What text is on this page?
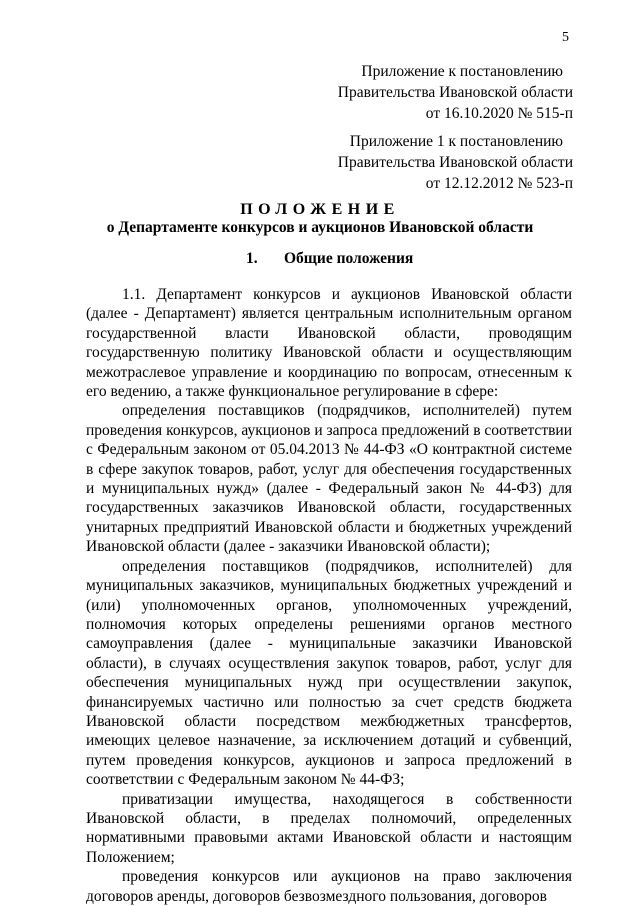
5
Приложение к постановлению
Правительства Ивановской области
от 16.10.2020 № 515-п
Приложение 1 к постановлению
Правительства Ивановской области
от 12.12.2012 № 523-п
ПОЛОЖЕНИЕ
о Департаменте конкурсов и аукционов Ивановской области
1. Общие положения

1.1. Департамент конкурсов и аукционов Ивановской области (далее - Департамент) является центральным исполнительным органом государственной власти Ивановской области, проводящим государственную политику Ивановской области и осуществляющим межотраслевое управление и координацию по вопросам, отнесенным к его ведению, а также функциональное регулирование в сфере:

определения поставщиков (подрядчиков, исполнителей) путем проведения конкурсов, аукционов и запроса предложений в соответствии с Федеральным законом от 05.04.2013 № 44-ФЗ «О контрактной системе в сфере закупок товаров, работ, услуг для обеспечения государственных и муниципальных нужд» (далее - Федеральный закон № 44-ФЗ) для государственных заказчиков Ивановской области, государственных унитарных предприятий Ивановской области и бюджетных учреждений Ивановской области (далее - заказчики Ивановской области);

определения поставщиков (подрядчиков, исполнителей) для муниципальных заказчиков, муниципальных бюджетных учреждений и (или) уполномоченных органов, уполномоченных учреждений, полномочия которых определены решениями органов местного самоуправления (далее - муниципальные заказчики Ивановской области), в случаях осуществления закупок товаров, работ, услуг для обеспечения муниципальных нужд при осуществлении закупок, финансируемых частично или полностью за счет средств бюджета Ивановской области посредством межбюджетных трансфертов, имеющих целевое назначение, за исключением дотаций и субвенций, путем проведения конкурсов, аукционов и запроса предложений в соответствии с Федеральным законом № 44-ФЗ;

приватизации имущества, находящегося в собственности Ивановской области, в пределах полномочий, определенных нормативными правовыми актами Ивановской области и настоящим Положением;

проведения конкурсов или аукционов на право заключения договоров аренды, договоров безвозмездного пользования, договоров
